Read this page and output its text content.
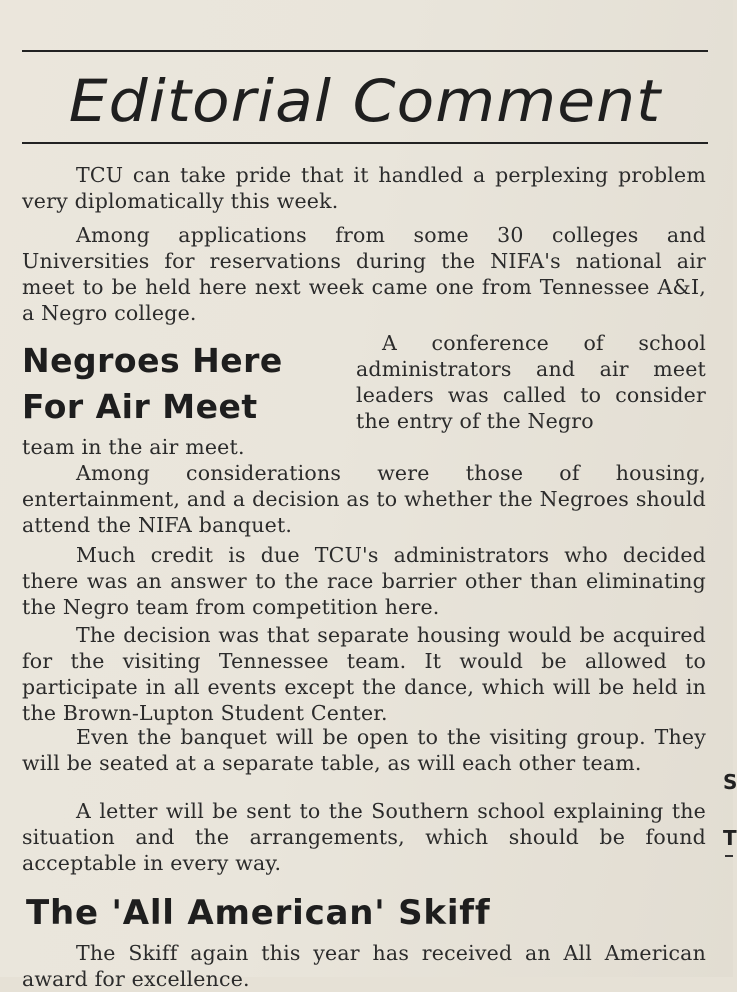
Editorial Comment

TCU can take pride that it handled a perplexing problem very diplomatically this week.

Among applications from some 30 colleges and Universities for reservations during the NIFA's national air meet to be held here next week came one from Tennessee A&I, a Negro college.

Negroes Here
For Air Meet

A conference of school administrators and air meet leaders was called to consider the entry of the Negro

team in the air meet.

Among considerations were those of housing, entertainment, and a decision as to whether the Negroes should attend the NIFA banquet.

Much credit is due TCU's administrators who decided there was an answer to the race barrier other than eliminating the Negro team from competition here.

The decision was that separate housing would be acquired for the visiting Tennessee team. It would be allowed to participate in all events except the dance, which will be held in the Brown-Lupton Student Center.

Even the banquet will be open to the visiting group. They will be seated at a separate table, as will each other team.

A letter will be sent to the Southern school explaining the situation and the arrangements, which should be found acceptable in every way.

The 'All American' Skiff

The Skiff again this year has received an All American award for excellence.

S
T
